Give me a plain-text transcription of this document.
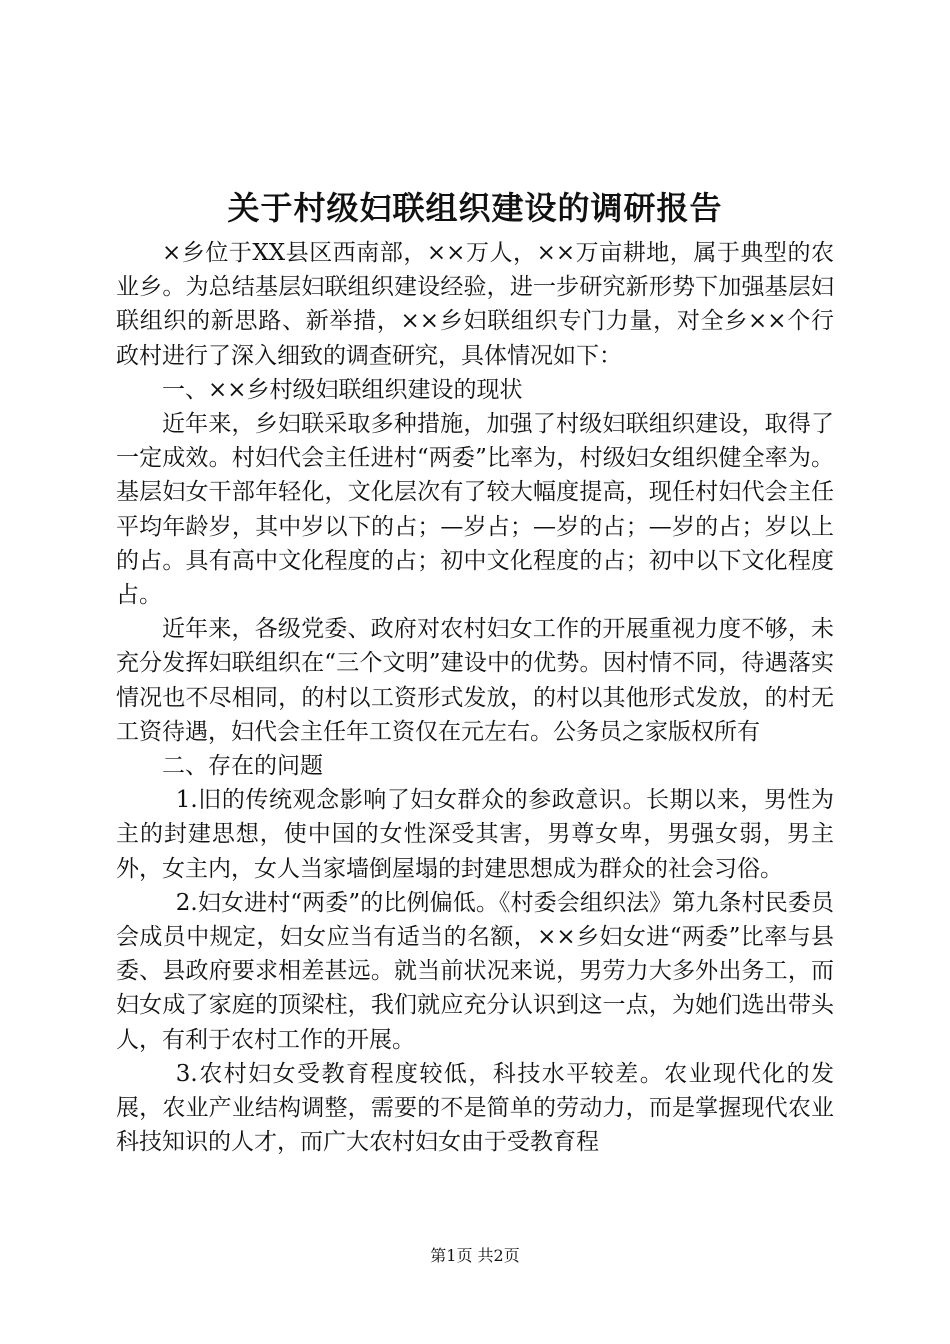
关于村级妇联组织建设的调研报告

×乡位于XX县区西南部，××万人，××万亩耕地，属于典型的农业乡。为总结基层妇联组织建设经验，进一步研究新形势下加强基层妇联组织的新思路、新举措，××乡妇联组织专门力量，对全乡××个行政村进行了深入细致的调查研究，具体情况如下：

一、××乡村级妇联组织建设的现状

近年来，乡妇联采取多种措施，加强了村级妇联组织建设，取得了一定成效。村妇代会主任进村“两委”比率为，村级妇女组织健全率为。基层妇女干部年轻化，文化层次有了较大幅度提高，现任村妇代会主任平均年龄岁，其中岁以下的占；—岁占；—岁的占；—岁的占；岁以上的占。具有高中文化程度的占；初中文化程度的占；初中以下文化程度占。

近年来，各级党委、政府对农村妇女工作的开展重视力度不够，未充分发挥妇联组织在“三个文明”建设中的优势。因村情不同，待遇落实情况也不尽相同，的村以工资形式发放，的村以其他形式发放，的村无工资待遇，妇代会主任年工资仅在元左右。公务员之家版权所有

二、存在的问题

1.旧的传统观念影响了妇女群众的参政意识。长期以来，男性为主的封建思想，使中国的女性深受其害，男尊女卑，男强女弱，男主外，女主内，女人当家墙倒屋塌的封建思想成为群众的社会习俗。

2.妇女进村“两委”的比例偏低。《村委会组织法》第九条村民委员会成员中规定，妇女应当有适当的名额，××乡妇女进“两委”比率与县委、县政府要求相差甚远。就当前状况来说，男劳力大多外出务工，而妇女成了家庭的顶梁柱，我们就应充分认识到这一点，为她们选出带头人，有利于农村工作的开展。

3.农村妇女受教育程度较低，科技水平较差。农业现代化的发展，农业产业结构调整，需要的不是简单的劳动力，而是掌握现代农业科技知识的人才，而广大农村妇女由于受教育程

第1页 共2页
